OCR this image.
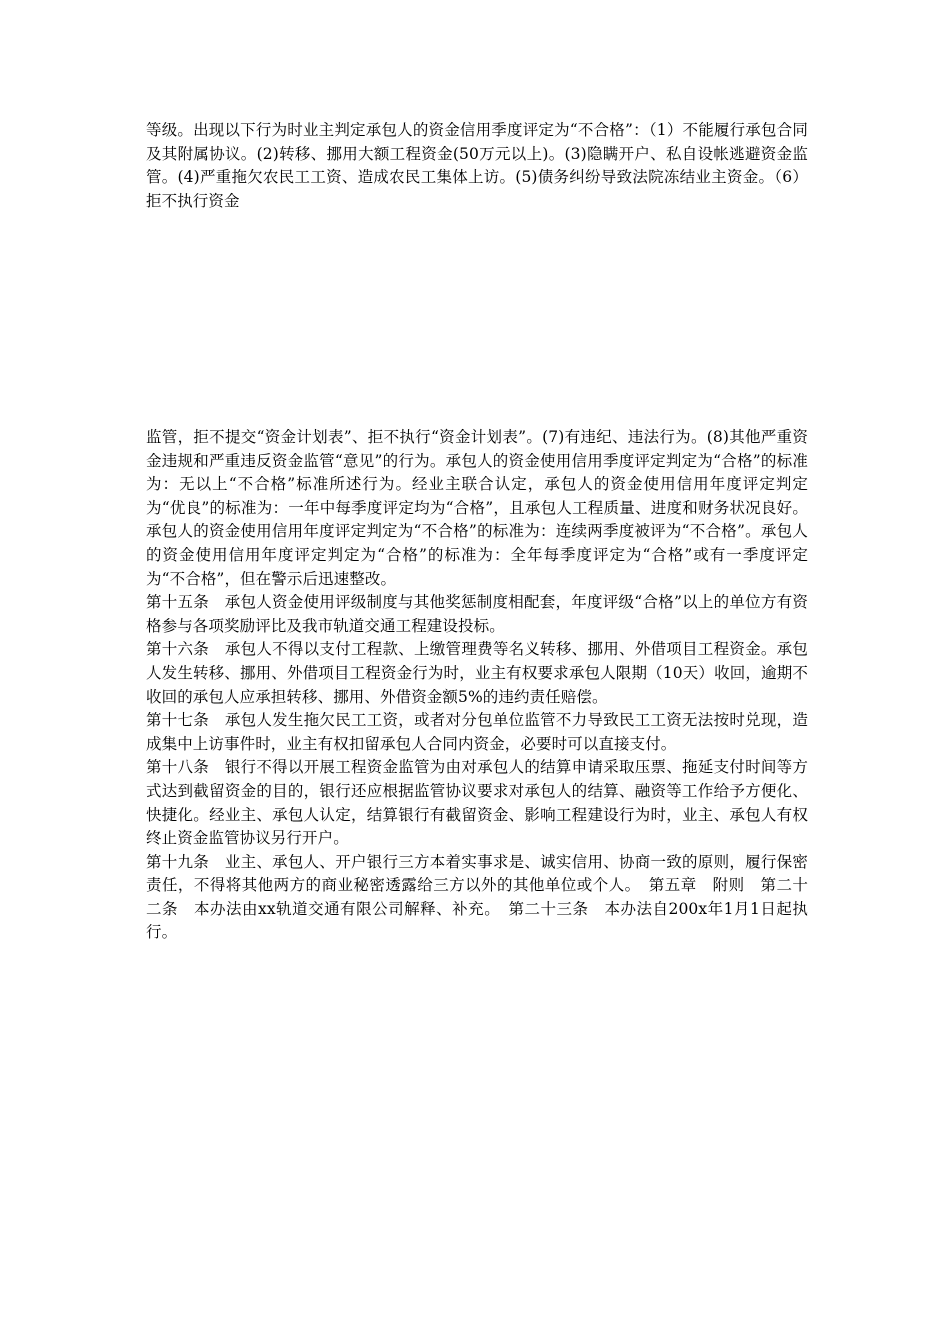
等级。出现以下行为时业主判定承包人的资金信用季度评定为“不合格”：（1）不能履行承包合同及其附属协议。(2)转移、挪用大额工程资金(50万元以上)。(3)隐瞒开户、私自设帐逃避资金监管。(4)严重拖欠农民工工资、造成农民工集体上访。(5)债务纠纷导致法院冻结业主资金。（6）拒不执行资金

监管，拒不提交“资金计划表”、拒不执行“资金计划表”。(7)有违纪、违法行为。(8)其他严重资金违规和严重违反资金监管“意见”的行为。承包人的资金使用信用季度评定判定为“合格”的标准为：无以上“不合格”标准所述行为。经业主联合认定，承包人的资金使用信用年度评定判定为“优良”的标准为：一年中每季度评定均为“合格”，且承包人工程质量、进度和财务状况良好。承包人的资金使用信用年度评定判定为“不合格”的标准为：连续两季度被评为“不合格”。承包人的资金使用信用年度评定判定为“合格”的标准为：全年每季度评定为“合格”或有一季度评定为“不合格”，但在警示后迅速整改。

第十五条　承包人资金使用评级制度与其他奖惩制度相配套，年度评级“合格”以上的单位方有资格参与各项奖励评比及我市轨道交通工程建设投标。

第十六条　承包人不得以支付工程款、上缴管理费等名义转移、挪用、外借项目工程资金。承包人发生转移、挪用、外借项目工程资金行为时，业主有权要求承包人限期（10天）收回，逾期不收回的承包人应承担转移、挪用、外借资金额5%的违约责任赔偿。

第十七条　承包人发生拖欠民工工资，或者对分包单位监管不力导致民工工资无法按时兑现，造成集中上访事件时，业主有权扣留承包人合同内资金，必要时可以直接支付。

第十八条　银行不得以开展工程资金监管为由对承包人的结算申请采取压票、拖延支付时间等方式达到截留资金的目的，银行还应根据监管协议要求对承包人的结算、融资等工作给予方便化、快捷化。经业主、承包人认定，结算银行有截留资金、影响工程建设行为时，业主、承包人有权终止资金监管协议另行开户。

第十九条　业主、承包人、开户银行三方本着实事求是、诚实信用、协商一致的原则，履行保密责任，不得将其他两方的商业秘密透露给三方以外的其他单位或个人。　第五章　附则　第二十二条　本办法由xx轨道交通有限公司解释、补充。　第二十三条　本办法自200x年1月1日起执行。
